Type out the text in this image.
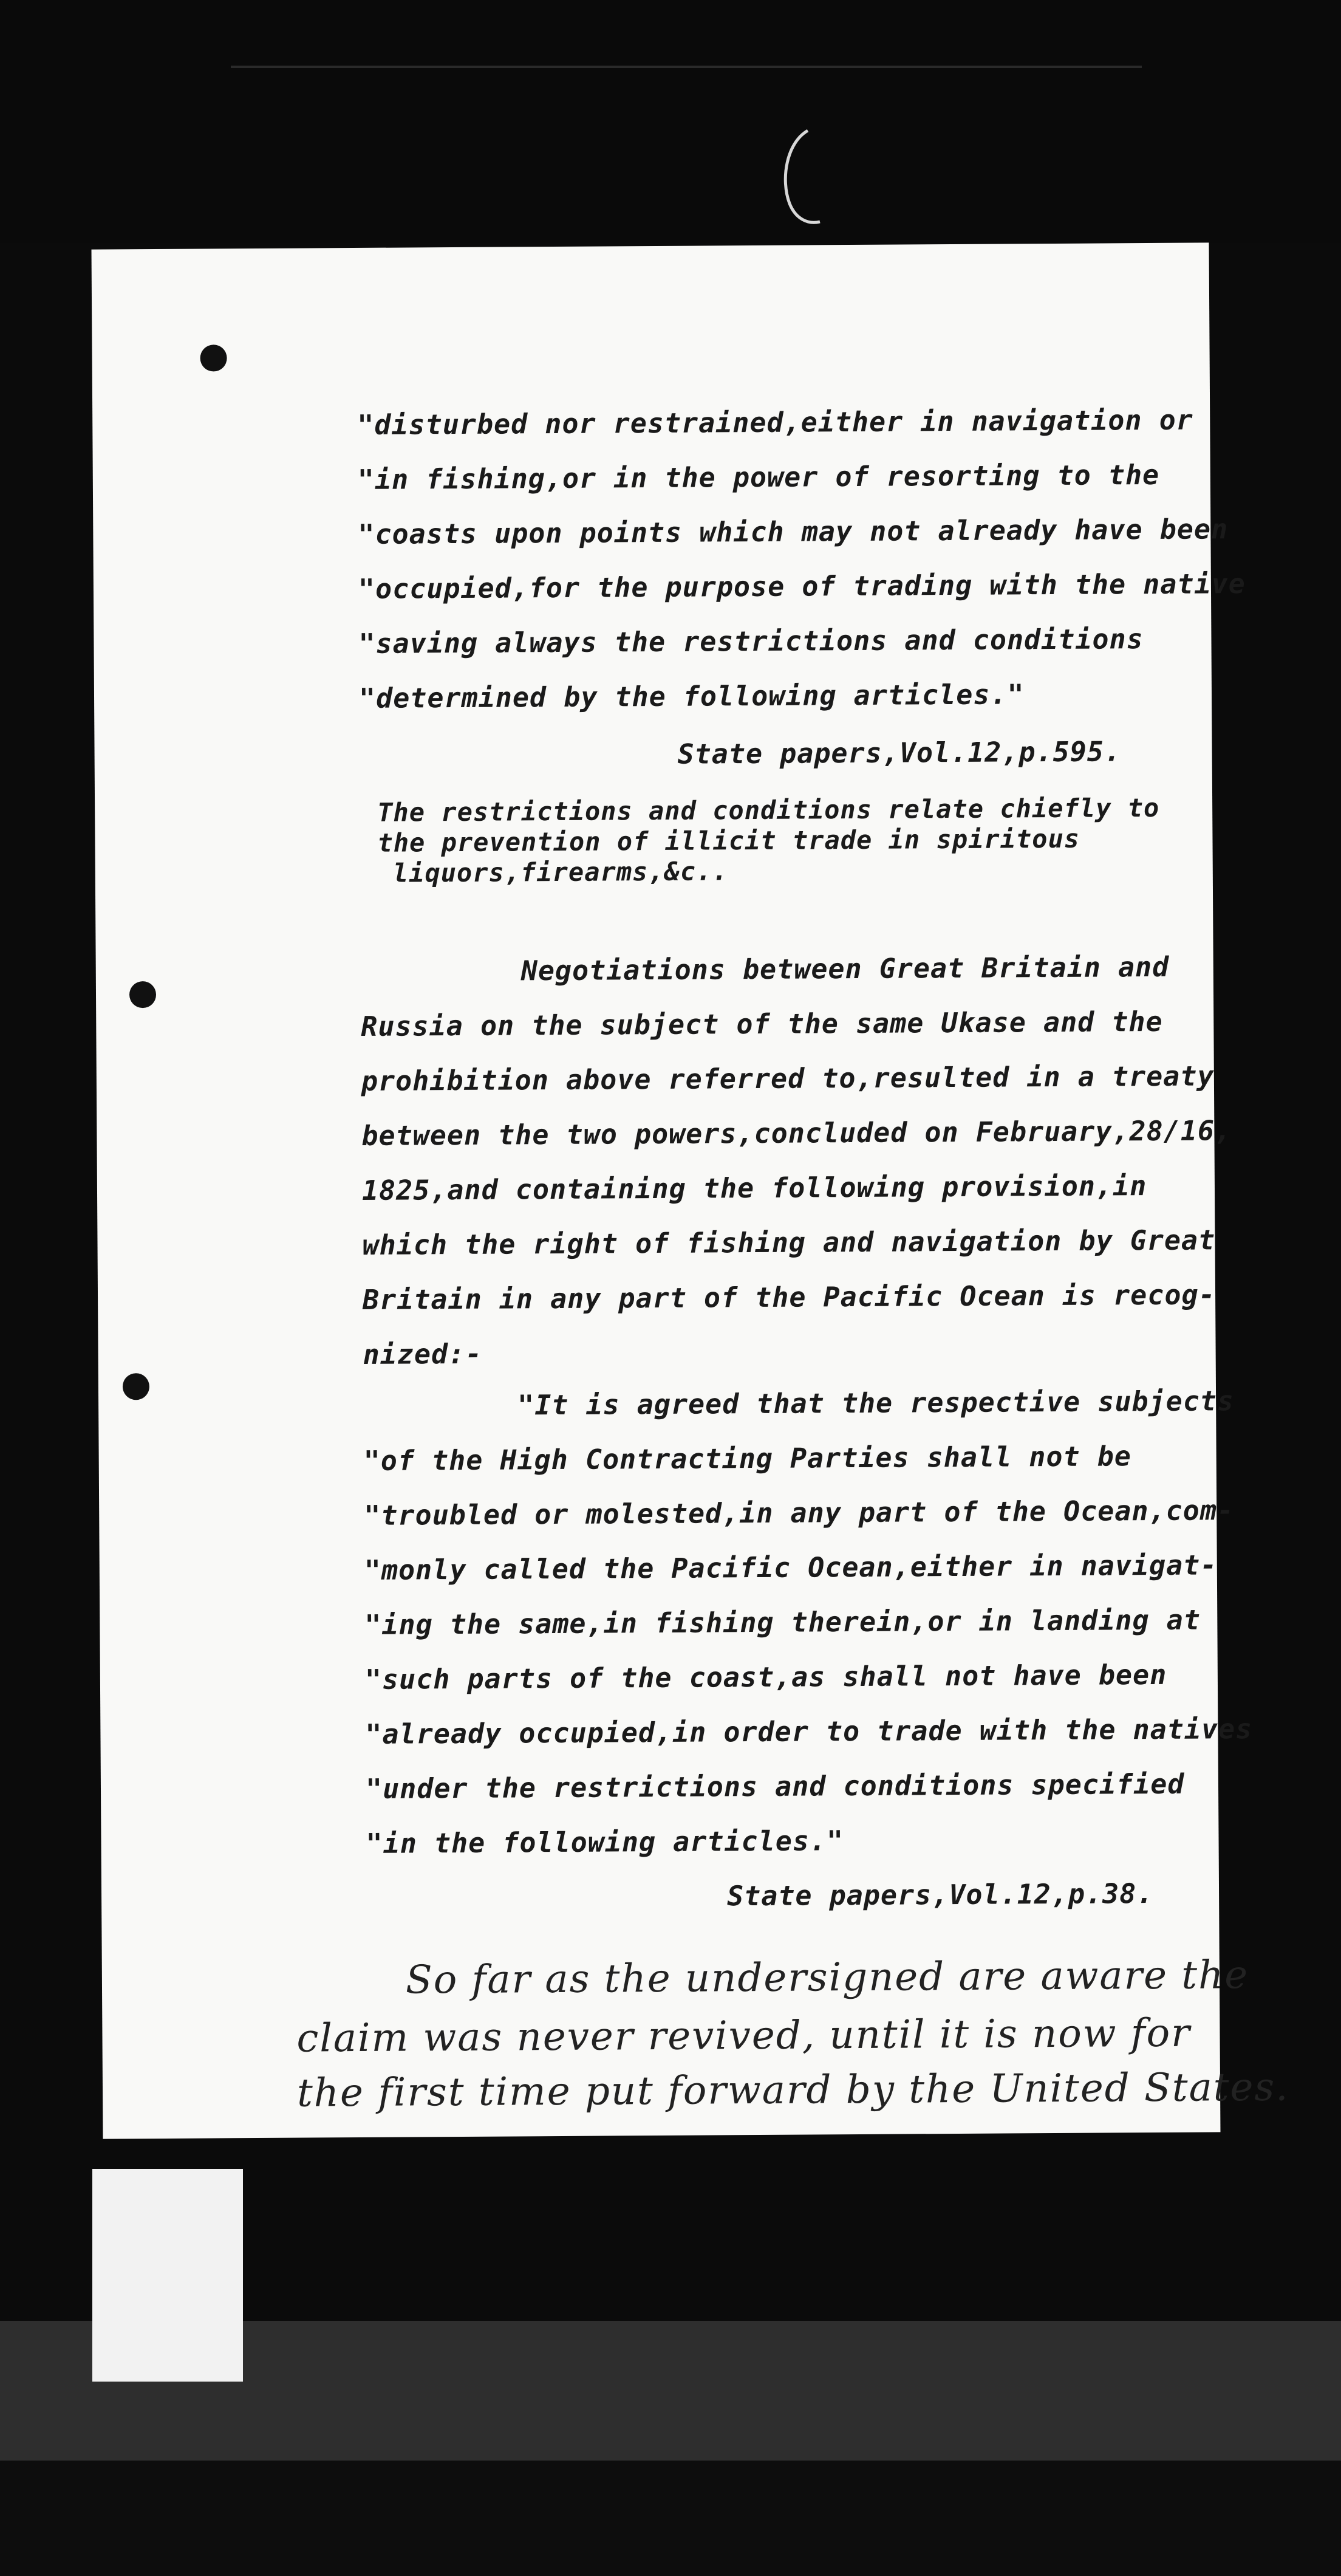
"disturbed nor restrained,either in navigation or
"in fishing,or in the power of resorting to the
"coasts upon points which may not already have been
"occupied,for the purpose of trading with the native
"saving always the restrictions and conditions
"determined by the following articles."
State papers,Vol.12,p.595.
The restrictions and conditions relate chiefly to
the prevention of illicit trade in spiritous
liquors,firearms,&c..
Negotiations between Great Britain and
Russia on the subject of the same Ukase and the
prohibition above referred to,resulted in a treaty
between the two powers,concluded on February,28/16,
1825,and containing the following provision,in
which the right of fishing and navigation by Great
Britain in any part of the Pacific Ocean is recog-
nized:-
"It is agreed that the respective subjects
"of the High Contracting Parties shall not be
"troubled or molested,in any part of the Ocean,com-
"monly called the Pacific Ocean,either in navigat-
"ing the same,in fishing therein,or in landing at
"such parts of the coast,as shall not have been
"already occupied,in order to trade with the natives
"under the restrictions and conditions specified
"in the following articles."
State papers,Vol.12,p.38.
So far as the undersigned are aware the
claim was never revived, until it is now for
the first time put forward by the United States.
